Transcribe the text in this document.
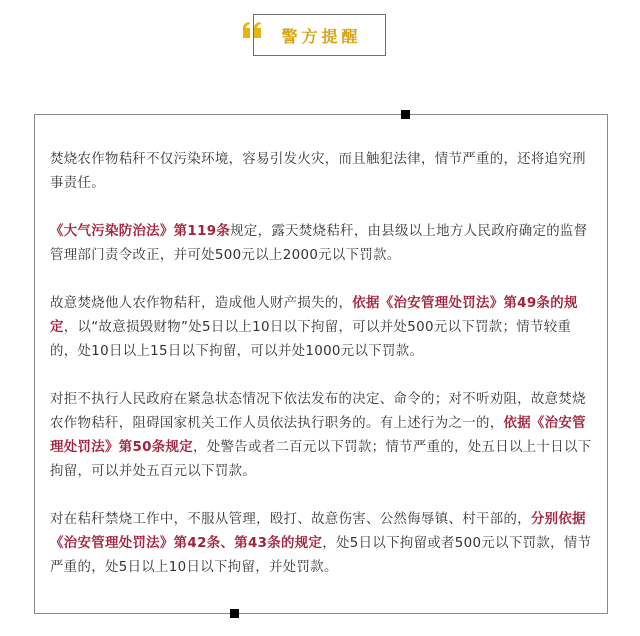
警方提醒

焚烧农作物秸秆不仅污染环境，容易引发火灾，而且触犯法律，情节严重的，还将追究刑事责任。

《大气污染防治法》第119条规定，露天焚烧秸秆，由县级以上地方人民政府确定的监督管理部门责令改正，并可处500元以上2000元以下罚款。

故意焚烧他人农作物秸秆，造成他人财产损失的，依据《治安管理处罚法》第49条的规定，以“故意损毁财物”处5日以上10日以下拘留，可以并处500元以下罚款；情节较重的，处10日以上15日以下拘留，可以并处1000元以下罚款。

对拒不执行人民政府在紧急状态情况下依法发布的决定、命令的；对不听劝阻，故意焚烧农作物秸秆，阻碍国家机关工作人员依法执行职务的。有上述行为之一的，依据《治安管理处罚法》第50条规定，处警告或者二百元以下罚款；情节严重的，处五日以上十日以下拘留，可以并处五百元以下罚款。

对在秸秆禁烧工作中，不服从管理，殴打、故意伤害、公然侮辱镇、村干部的，分别依据《治安管理处罚法》第42条、第43条的规定，处5日以下拘留或者500元以下罚款，情节严重的，处5日以上10日以下拘留，并处罚款。
